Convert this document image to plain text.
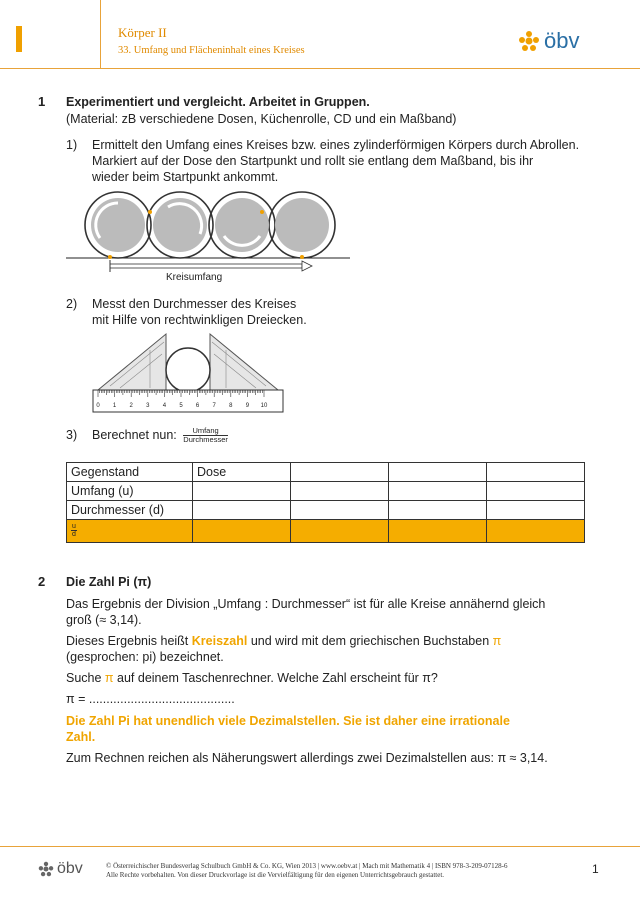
Körper II
33. Umfang und Flächeninhalt eines Kreises	öbv
1 Experimentiert und vergleicht. Arbeitet in Gruppen.
(Material: zB verschiedene Dosen, Küchenrolle, CD und ein Maßband)
1) Ermittelt den Umfang eines Kreises bzw. eines zylinderförmigen Körpers durch Abrollen.
Markiert auf der Dose den Startpunkt und rollt sie entlang dem Maßband, bis ihr
wieder beim Startpunkt ankommt.
Kreisumfang
2) Messt den Durchmesser des Kreises
mit Hilfe von rechtwinkligen Dreiecken.
0 1 2 3 4 5 6 7 8 9 10
3) Berechnet nun: $\frac{\text{Umfang}}{\text{Durchmesser}}$
Gegenstand	Dose			
Umfang (u)				
Durchmesser (d)				

$\frac{u}{d}$				
2 Die Zahl Pi (π)
Das Ergebnis der Division „Umfang : Durchmesser“ ist für alle Kreise annähernd gleich
groß (≈ 3,14).
Dieses Ergebnis heißt Kreiszahl und wird mit dem griechischen Buchstaben π
(gesprochen: pi) bezeichnet.
Suche π auf deinem Taschenrechner. Welche Zahl erscheint für π?
π = ..........................................
Die Zahl Pi hat unendlich viele Dezimalstellen. Sie ist daher eine irrationale
Zahl.
Zum Rechnen reichen als Näherungswert allerdings zwei Dezimalstellen aus: π ≈ 3,14.
öbv	© Österreichischer Bundesverlag Schulbuch GmbH & Co. KG, Wien 2013 | www.oebv.at | Mach mit Mathematik 4 | ISBN 978-3-209-07128-6
Alle Rechte vorbehalten. Von dieser Druckvorlage ist die Vervielfältigung für den eigenen Unterrichtsgebrauch gestattet.	1
